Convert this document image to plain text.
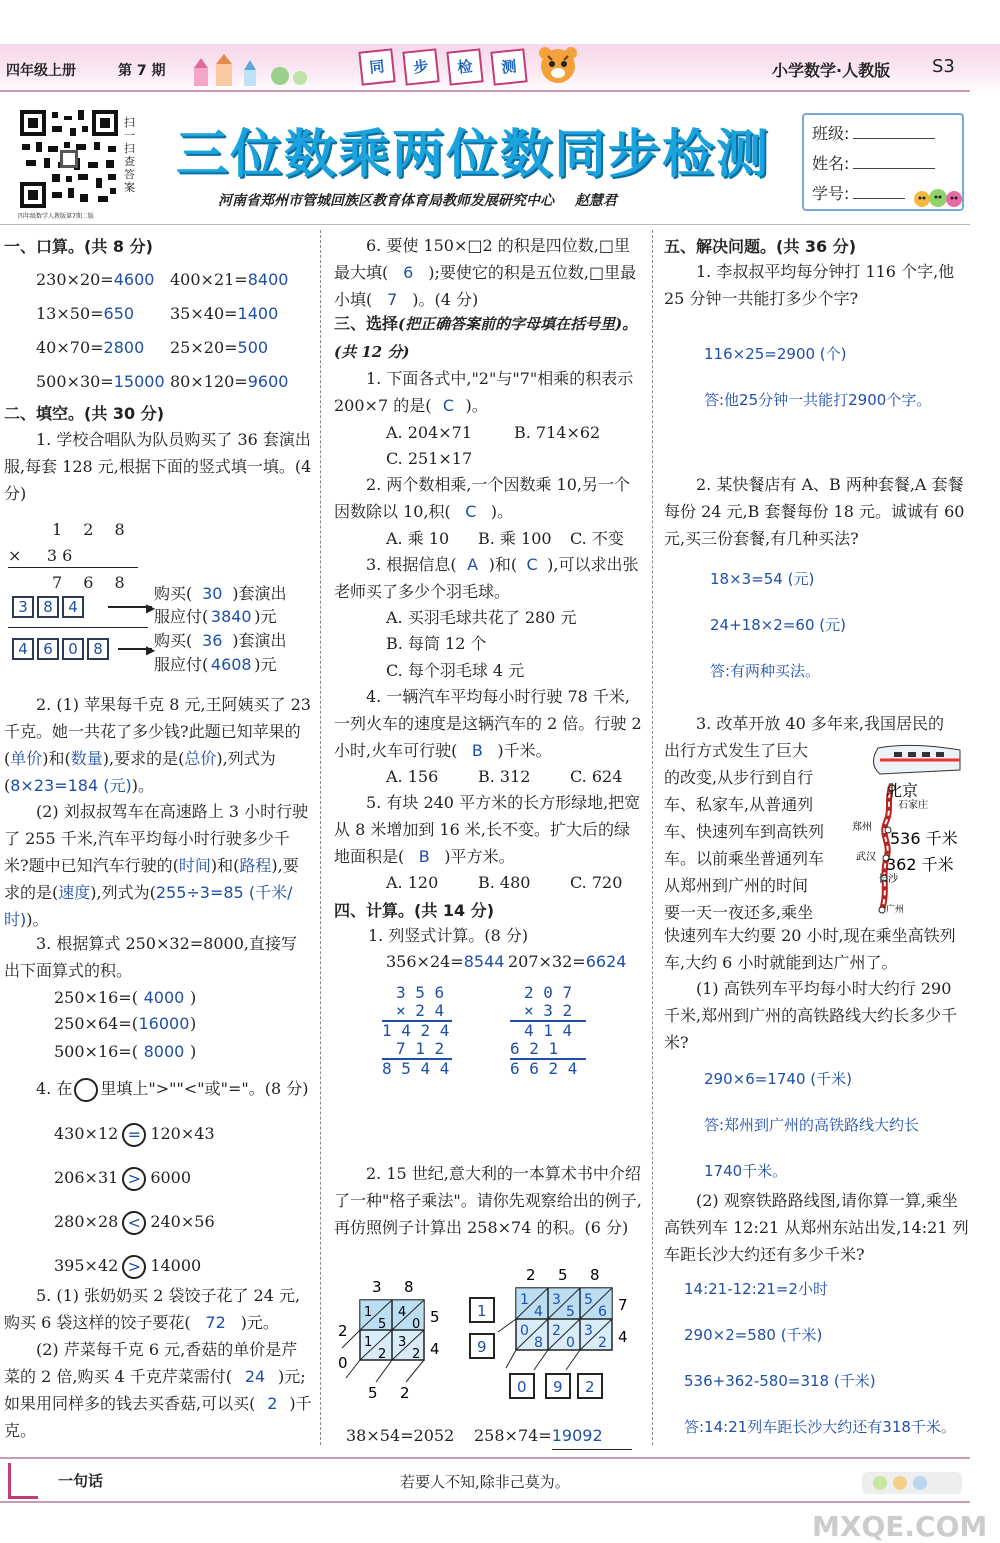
四年级上册	第 7 期	同	步	检	测	小学数学·人教版 S3
四年级数学人教版第7期二版
扫一扫 查答案
三位数乘两位数同步检测
河南省郑州市管城回族区教育体育局教师发展研究中心 赵慧君
班级:
姓名:
学号:
一、口算。(共 8 分)
230×20=4600 400×21=8400
13×50=650 35×40=1400
40×70=2800 25×20=500
500×30=15000 80×120=9600
二、填空。(共 30 分)
1. 学校合唱队为队员购买了 36 套演出服,每套 128 元,根据下面的竖式填一填。(4 分)
1 2 8
×     3 6
7 6 8
3 8 4
4 6 0 8
▶
▶
购买( 30 )套演出
服应付( 3840 )元
购买( 36 )套演出
服应付( 4608 )元
2. (1) 苹果每千克 8 元,王阿姨买了 23 千克。她一共花了多少钱?此题已知苹果的(单价)和(数量),要求的是(总价),列式为(8×23=184 (元))。
(2) 刘叔叔驾车在高速路上 3 小时行驶了 255 千米,汽车平均每小时行驶多少千米?题中已知汽车行驶的(时间)和(路程),要求的是(速度),列式为(255÷3=85 (千米/时))。
3. 根据算式 250×32=8000,直接写出下面算式的积。
250×16=( 4000 )
250×64=(16000)
500×16=( 8000 )
4. 在 里填上">""<"或"="。(8 分)
430×12 = 120×43
206×31 > 6000
280×28 < 240×56
395×42 > 14000
5. (1) 张奶奶买 2 袋饺子花了 24 元,购买 6 袋这样的饺子要花( 72 )元。
(2) 芹菜每千克 6 元,香菇的单价是芹菜的 2 倍,购买 4 千克芹菜需付( 24 )元;如果用同样多的钱去买香菇,可以买( 2 )千克。
6. 要使 150×□2 的积是四位数,□里最大填( 6 );要使它的积是五位数,□里最小填( 7 )。(4 分)
三、选择(把正确答案前的字母填在括号里)。(共 12 分)
1. 下面各式中,"2"与"7"相乘的积表示 200×7 的是( C )。
A. 204×71	B. 714×62
C. 251×17
2. 两个数相乘,一个因数乘 10,另一个因数除以 10,积( C )。
A. 乘 10 B. 乘 100 C. 不变
3. 根据信息( A )和( C ),可以求出张老师买了多少个羽毛球。
A. 买羽毛球共花了 280 元
B. 每筒 12 个
C. 每个羽毛球 4 元
4. 一辆汽车平均每小时行驶 78 千米,一列火车的速度是这辆汽车的 2 倍。行驶 2 小时,火车可行驶( B )千米。
A. 156 B. 312 C. 624
5. 有块 240 平方米的长方形绿地,把宽从 8 米增加到 16 米,长不变。扩大后的绿地面积是( B )平方米。
A. 120 B. 480 C. 720
四、计算。(共 14 分)
1. 列竖式计算。(8 分)
356×24=8544 207×32=6624
3 5 6
× 2 4
1 4 2 4
7 1 2
8 5 4 4
2 0 7
× 3 2
4 1 4
6 2 1
6 6 2 4
2. 15 世纪,意大利的一本算术书中介绍了一种"格子乘法"。请你先观察给出的例子,再仿照例子计算出 258×74 的积。(6 分)
3 8
5
4
1
5
4
0
1
2
3
2
2
0
5 2
38×54=2052
2 5 8
7
4
1
4
3
5
5
6
0
8
2
0
3
2
1
9
0 9 2
258×74=19092
五、解决问题。(共 36 分)
1. 李叔叔平均每分钟打 116 个字,他 25 分钟一共能打多少个字?
116×25=2900 (个)
答:他25分钟一共能打2900个字。
2. 某快餐店有 A、B 两种套餐,A 套餐每份 24 元,B 套餐每份 18 元。诚诚有 60 元,买三份套餐,有几种买法?
18×3=54 (元)
24+18×2=60 (元)
答:有两种买法。
3. 改革开放 40 多年来,我国居民的
出行方式发生了巨大
的改变,从步行到自行
车、私家车,从普通列
车、快速列车到高铁列
车。以前乘坐普通列车
从郑州到广州的时间
要一天一夜还多,乘坐
北京
石家庄
郑州
536 千米
武汉 362 千米
长沙
广州
快速列车大约要 20 小时,现在乘坐高铁列车,大约 6 小时就能到达广州了。
(1) 高铁列车平均每小时大约行 290 千米,郑州到广州的高铁路线大约长多少千米?
290×6=1740 (千米)
答:郑州到广州的高铁路线大约长
1740千米。
(2) 观察铁路路线图,请你算一算,乘坐高铁列车 12:21 从郑州东站出发,14:21 列车距长沙大约还有多少千米?
14:21-12:21=2小时
290×2=580 (千米)
536+362-580=318 (千米)
答:14:21列车距长沙大约还有318千米。
一句话	若要人不知,除非己莫为。
MXQE.COM
